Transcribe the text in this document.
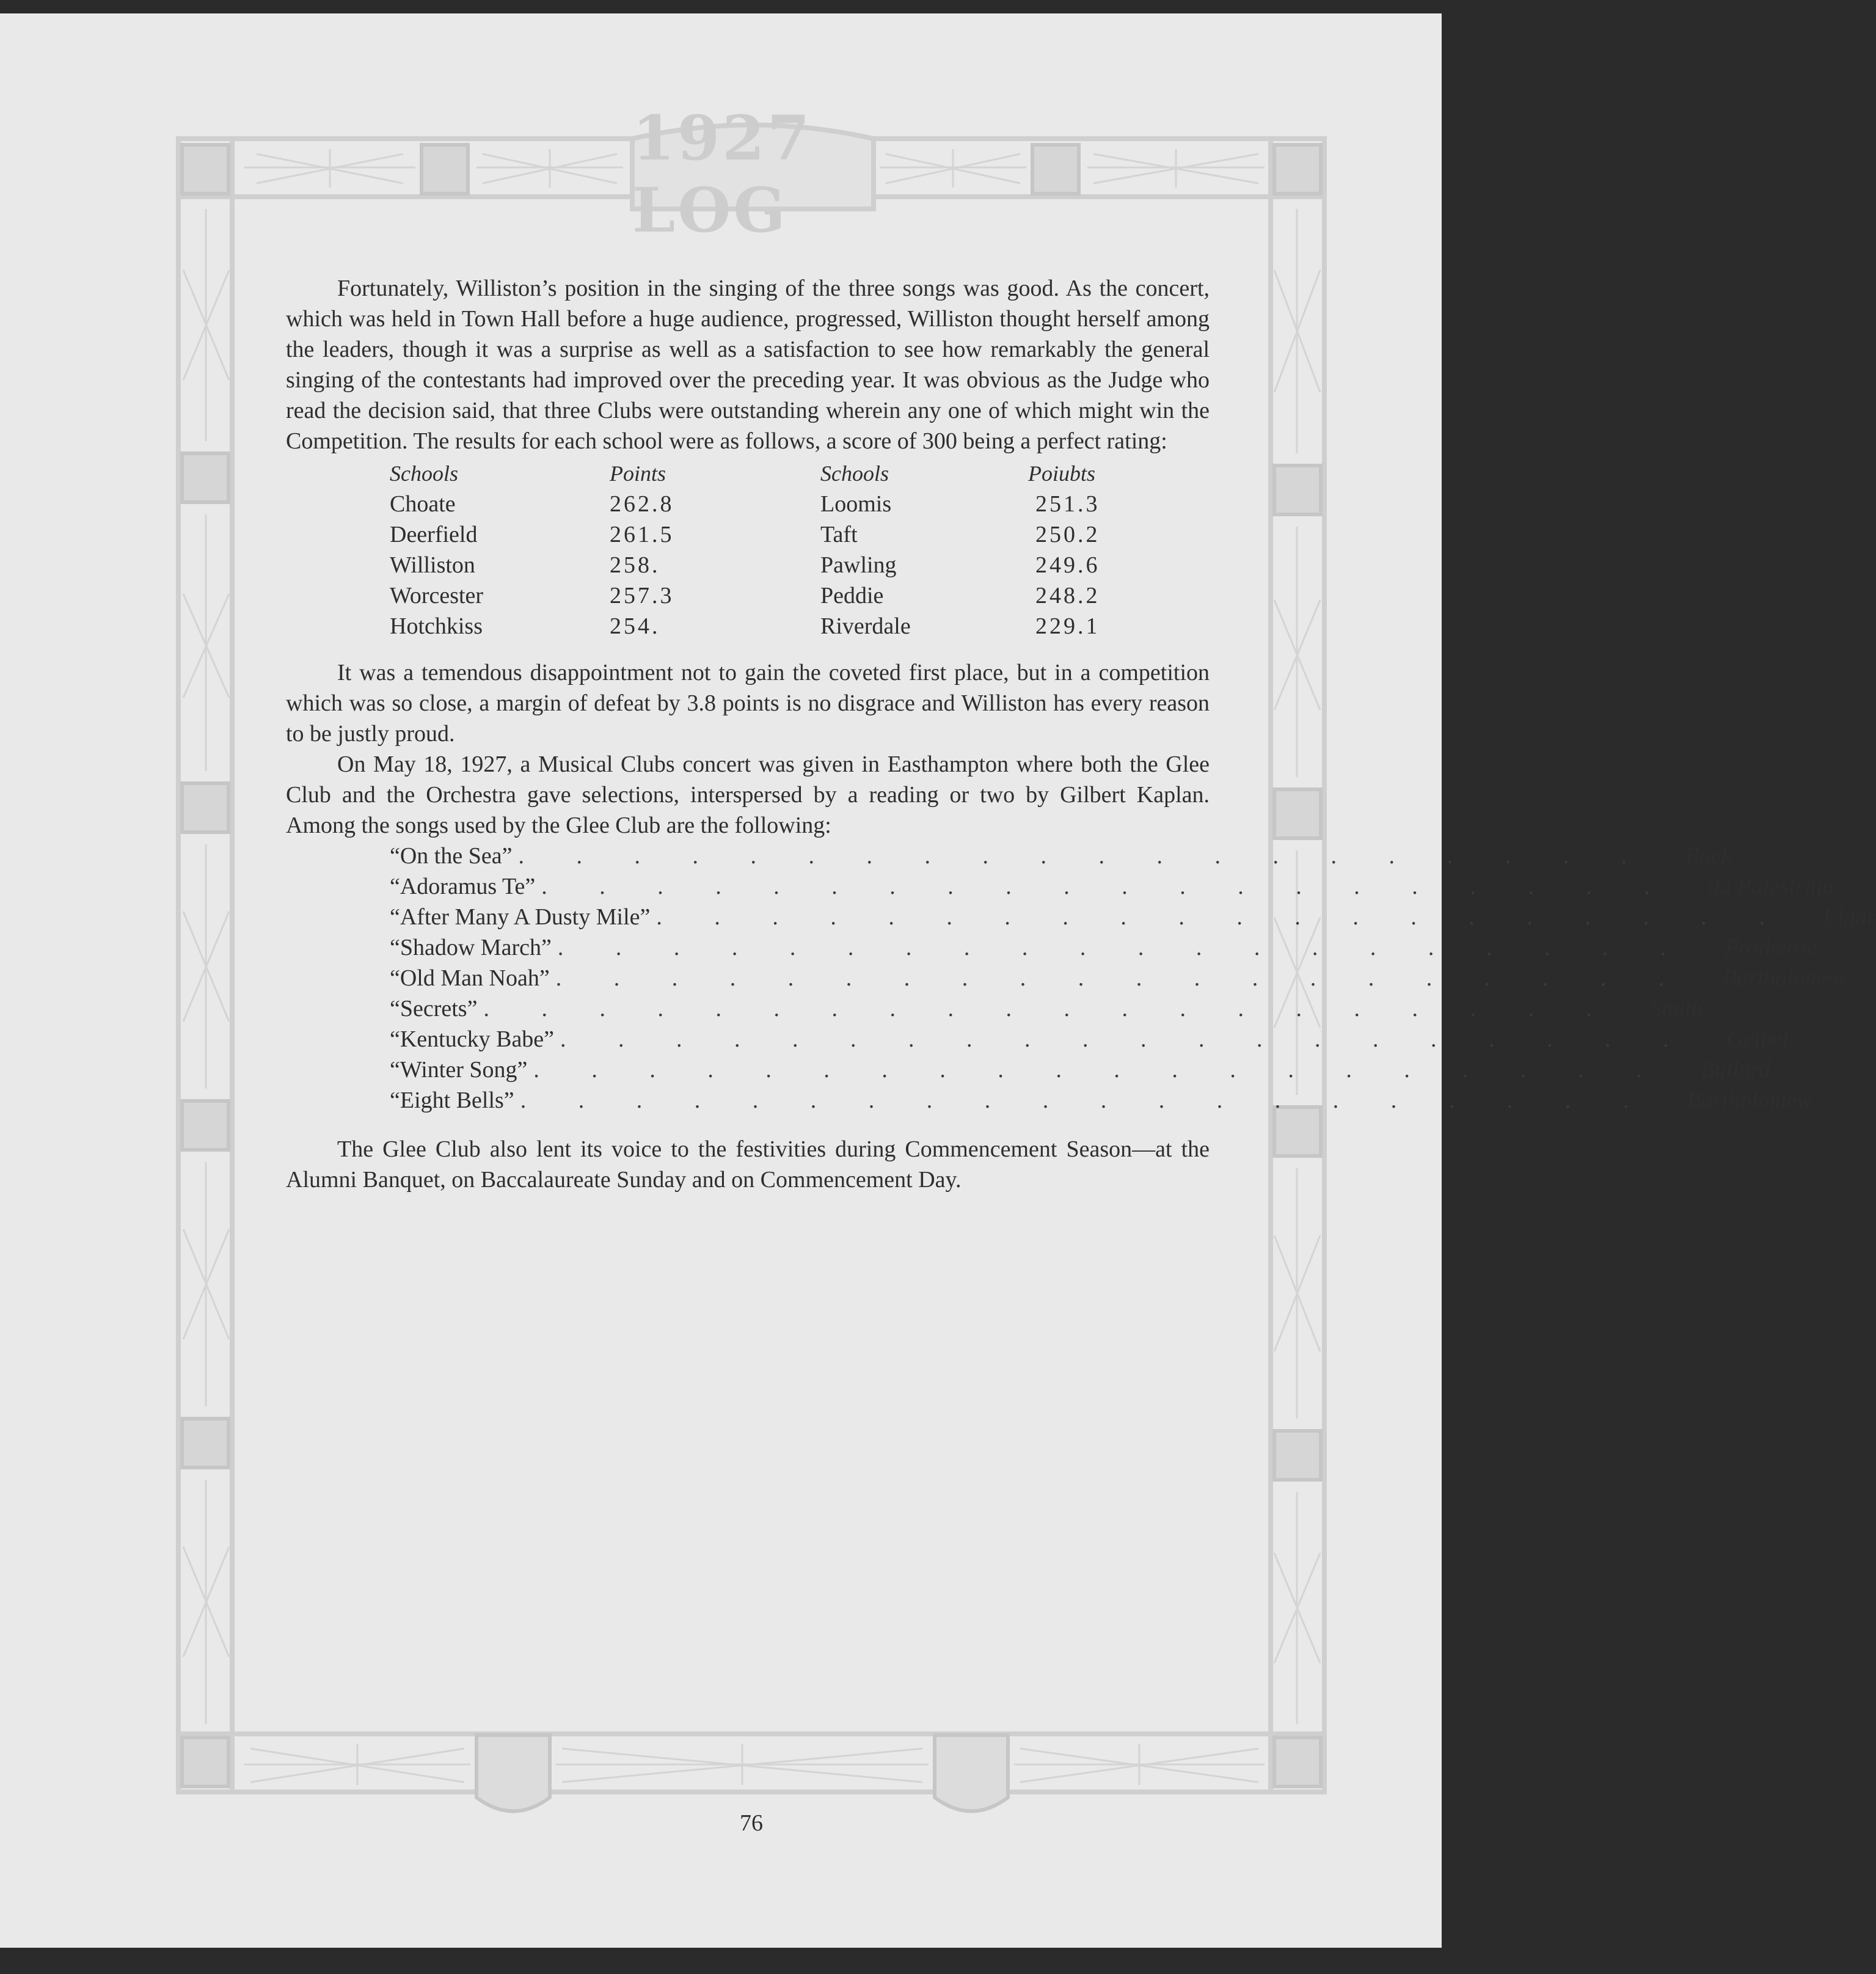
1927 LOG

Fortunately, Williston’s position in the singing of the three songs was good. As the concert, which was held in Town Hall before a huge audience, progressed, Williston thought herself among the leaders, though it was a surprise as well as a satisfaction to see how remarkably the general singing of the contestants had improved over the preceding year. It was obvious as the Judge who read the decision said, that three Clubs were outstanding wherein any one of which might win the Competition. The results for each school were as follows, a score of 300 being a perfect rating:

Schools	Points	Schools	Poiubts
Choate	262.8	Loomis	251.3
Deerfield	261.5	Taft	250.2
Williston	258.	Pawling	249.6
Worcester	257.3	Peddie	248.2
Hotchkiss	254.	Riverdale	229.1

It was a temendous disappointment not to gain the coveted first place, but in a competition which was so close, a margin of defeat by 3.8 points is no disgrace and Williston has every reason to be justly proud.

On May 18, 1927, a Musical Clubs concert was given in Easthampton where both the Glee Club and the Orchestra gave selections, interspersed by a reading or two by Gilbert Kaplan. Among the songs used by the Glee Club are the following:

“On the Sea” .         .         .         .         .         .         .         .         .         .         .         .         .         .         .         .         .         .         .         . Buck
“Adoramus Te” .         .         .         .         .         .         .         .         .         .         .         .         .         .         .         .         .         .         .         . da Palestrina
“After Many A Dusty Mile” .         .         .         .         .         .         .         .         .         .         .         .         .         .         .         .         .         .         .         . Elgar
“Shadow March” .         .         .         .         .         .         .         .         .         .         .         .         .         .         .         .         .         .         .         . Protheroe
“Old Man Noah” .         .         .         .         .         .         .         .         .         .         .         .         .         .         .         .         .         .         .         . Bartholomew
“Secrets” .         .         .         .         .         .         .         .         .         .         .         .         .         .         .         .         .         .         .         . Smith
“Kentucky Babe” .         .         .         .         .         .         .         .         .         .         .         .         .         .         .         .         .         .         .         . Geibel
“Winter Song” .         .         .         .         .         .         .         .         .         .         .         .         .         .         .         .         .         .         .         . Bullard
“Eight Bells” .         .         .         .         .         .         .         .         .         .         .         .         .         .         .         .         .         .         .         . Bartholomew

The Glee Club also lent its voice to the festivities during Commencement Season—at the Alumni Banquet, on Baccalaureate Sunday and on Commencement Day.

76
